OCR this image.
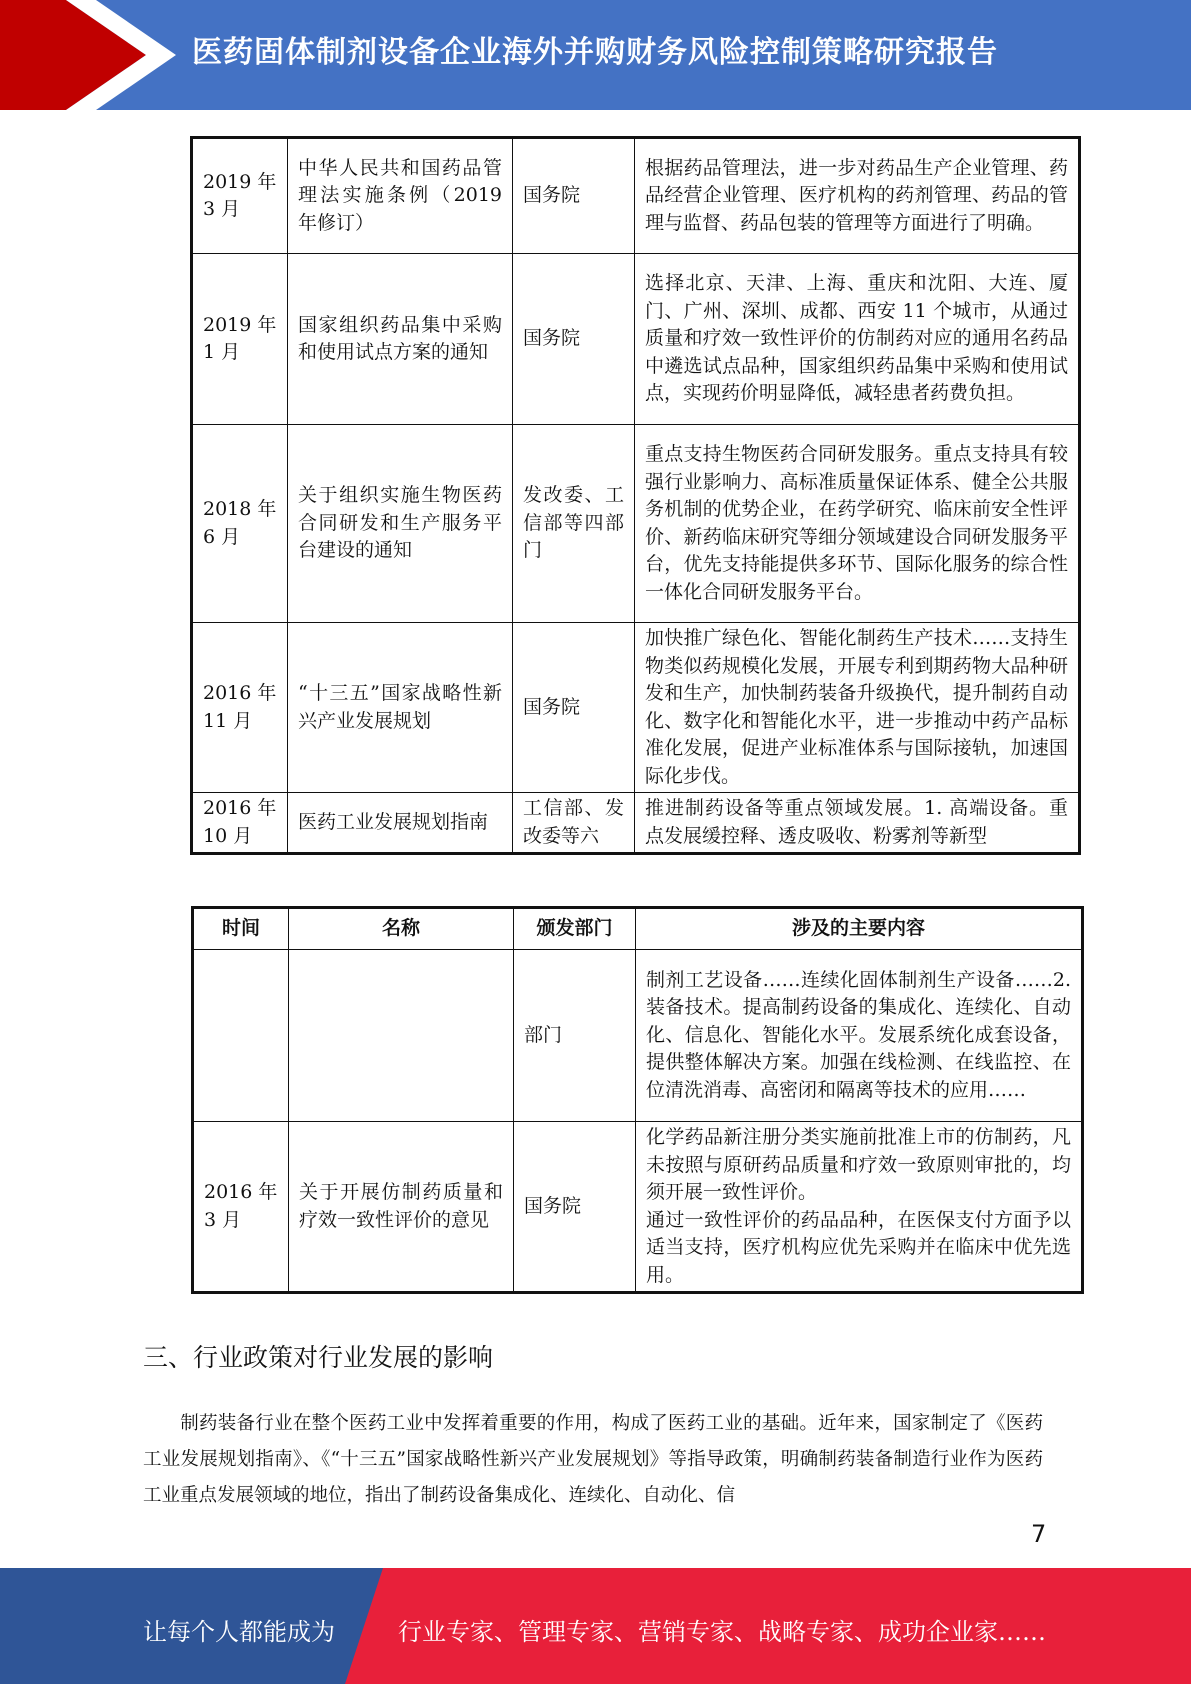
医药固体制剂设备企业海外并购财务风险控制策略研究报告
2019 年 3 月	中华人民共和国药品管理法实施条例（2019 年修订）	国务院	根据药品管理法，进一步对药品生产企业管理、药品经营企业管理、医疗机构的药剂管理、药品的管理与监督、药品包装的管理等方面进行了明确。
2019 年 1 月	国家组织药品集中采购和使用试点方案的通知	国务院	选择北京、天津、上海、重庆和沈阳、大连、厦门、广州、深圳、成都、西安 11 个城市，从通过质量和疗效一致性评价的仿制药对应的通用名药品中遴选试点品种，国家组织药品集中采购和使用试点，实现药价明显降低，减轻患者药费负担。
2018 年 6 月	关于组织实施生物医药合同研发和生产服务平台建设的通知	发改委、工信部等四部门	重点支持生物医药合同研发服务。重点支持具有较强行业影响力、高标准质量保证体系、健全公共服务机制的优势企业，在药学研究、临床前安全性评价、新药临床研究等细分领域建设合同研发服务平台，优先支持能提供多环节、国际化服务的综合性一体化合同研发服务平台。
2016 年 11 月	“十三五”国家战略性新兴产业发展规划	国务院	加快推广绿色化、智能化制药生产技术……支持生物类似药规模化发展，开展专利到期药物大品种研发和生产，加快制药装备升级换代，提升制药自动化、数字化和智能化水平，进一步推动中药产品标准化发展，促进产业标准体系与国际接轨，加速国际化步伐。
2016 年 10 月	医药工业发展规划指南	工信部、发改委等六	推进制药设备等重点领域发展。1. 高端设备。重点发展缓控释、透皮吸收、粉雾剂等新型
时间	名称	颁发部门	涉及的主要内容
		部门	制剂工艺设备……连续化固体制剂生产设备……2. 装备技术。提高制药设备的集成化、连续化、自动化、信息化、智能化水平。发展系统化成套设备，提供整体解决方案。加强在线检测、在线监控、在位清洗消毒、高密闭和隔离等技术的应用……
2016 年 3 月	关于开展仿制药质量和疗效一致性评价的意见	国务院	化学药品新注册分类实施前批准上市的仿制药，凡未按照与原研药品质量和疗效一致原则审批的，均须开展一致性评价。
通过一致性评价的药品品种，在医保支付方面予以适当支持，医疗机构应优先采购并在临床中优先选用。
三、行业政策对行业发展的影响
制药装备行业在整个医药工业中发挥着重要的作用，构成了医药工业的基础。近年来，国家制定了《医药工业发展规划指南》、《“十三五”国家战略性新兴产业发展规划》等指导政策，明确制药装备制造行业作为医药工业重点发展领域的地位，指出了制药设备集成化、连续化、自动化、信
7
让每个人都能成为	行业专家、管理专家、营销专家、战略专家、成功企业家……
